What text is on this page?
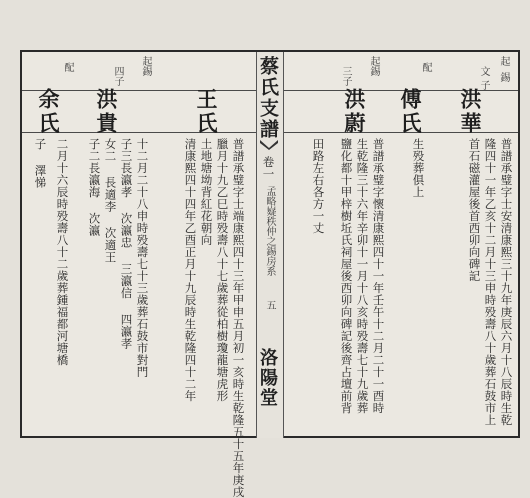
蔡氏支譜
卷一
孟略嶷秩仲之錫房系
五
洛陽堂
起
錫
文
子
洪華
配
傅氏
起錫
三子
洪蔚
普譜承璧字士安清康熙三十九年庚辰六月十八辰時生乾
隆四十一年乙亥十二月十三申時殁壽八十歲葬石鼓市上
首石磁灌屋後首西卯向碑記
生殁葬俱上
普譜承璧字懷清康熙四十一年壬午十二月二十一酉時
生乾隆三十六年辛卯十一月十八亥時殁壽七十九歲葬
鹽化都十甲梓樹坵氏祠屋後西卯向碑記後齊占壇前背
田路左右各方一丈
起錫
四子
洪貴
配
余氏	王氏
普譜承璧字士端康熙四十三年甲申五月初一亥時生乾隆五十五年庚戌
臘月十九乙巳時殁壽八十七歲葬從柏樹瓊龍塘虎形
土地塘坳背紅花朝向
清康熙四十四年乙酉正月十九辰時生乾隆四十二年
十二月二十八申時殁壽七十三歲葬石鼓市對門
子三長瀛孝 次瀛忠 三瀛信 四瀛孝
女二 長適李 次適王
子二長瀛海 次瀛
二月十六辰時殁壽八十二歲葬鍾福都河塘橋
子 澤悌
